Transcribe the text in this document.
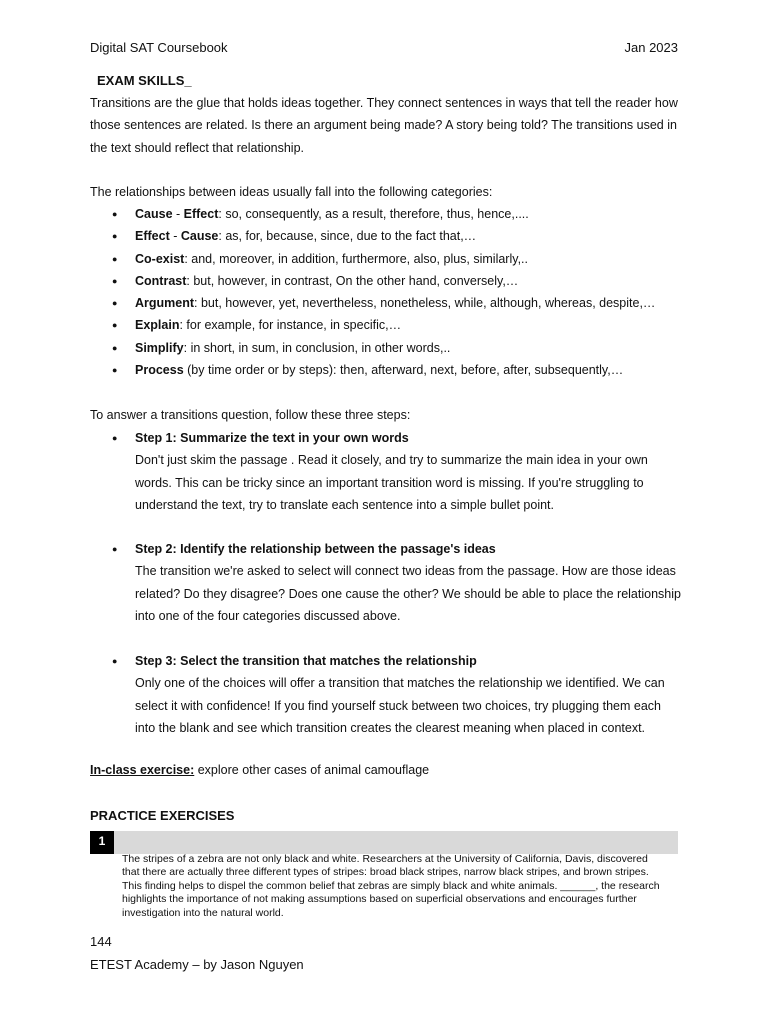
Digital SAT Coursebook	Jan 2023
EXAM SKILLS_
Transitions are the glue that holds ideas together. They connect sentences in ways that tell the reader how those sentences are related. Is there an argument being made? A story being told? The transitions used in the text should reflect that relationship.
The relationships between ideas usually fall into the following categories:
● Cause - Effect: so, consequently, as a result, therefore, thus, hence,....
● Effect - Cause: as, for, because, since, due to the fact that,…
● Co-exist: and, moreover, in addition, furthermore, also, plus, similarly,..
● Contrast: but, however, in contrast, On the other hand, conversely,…
● Argument: but, however, yet, nevertheless, nonetheless, while, although, whereas, despite,…
● Explain: for example, for instance, in specific,…
● Simplify: in short, in sum, in conclusion, in other words,..
● Process (by time order or by steps): then, afterward, next, before, after, subsequently,…
To answer a transitions question, follow these three steps:
● Step 1: Summarize the text in your own words
Don't just skim the passage . Read it closely, and try to summarize the main idea in your own words. This can be tricky since an important transition word is missing. If you're struggling to understand the text, try to translate each sentence into a simple bullet point.
● Step 2: Identify the relationship between the passage's ideas
The transition we're asked to select will connect two ideas from the passage. How are those ideas related? Do they disagree? Does one cause the other? We should be able to place the relationship into one of the four categories discussed above.
● Step 3: Select the transition that matches the relationship
Only one of the choices will offer a transition that matches the relationship we identified. We can select it with confidence! If you find yourself stuck between two choices, try plugging them each into the blank and see which transition creates the clearest meaning when placed in context.
In-class exercise: explore other cases of animal camouflage
PRACTICE EXERCISES
1
The stripes of a zebra are not only black and white. Researchers at the University of California, Davis, discovered that there are actually three different types of stripes: broad black stripes, narrow black stripes, and brown stripes. This finding helps to dispel the common belief that zebras are simply black and white animals. ______, the research highlights the importance of not making assumptions based on superficial observations and encourages further investigation into the natural world.
144
ETEST Academy – by Jason Nguyen
